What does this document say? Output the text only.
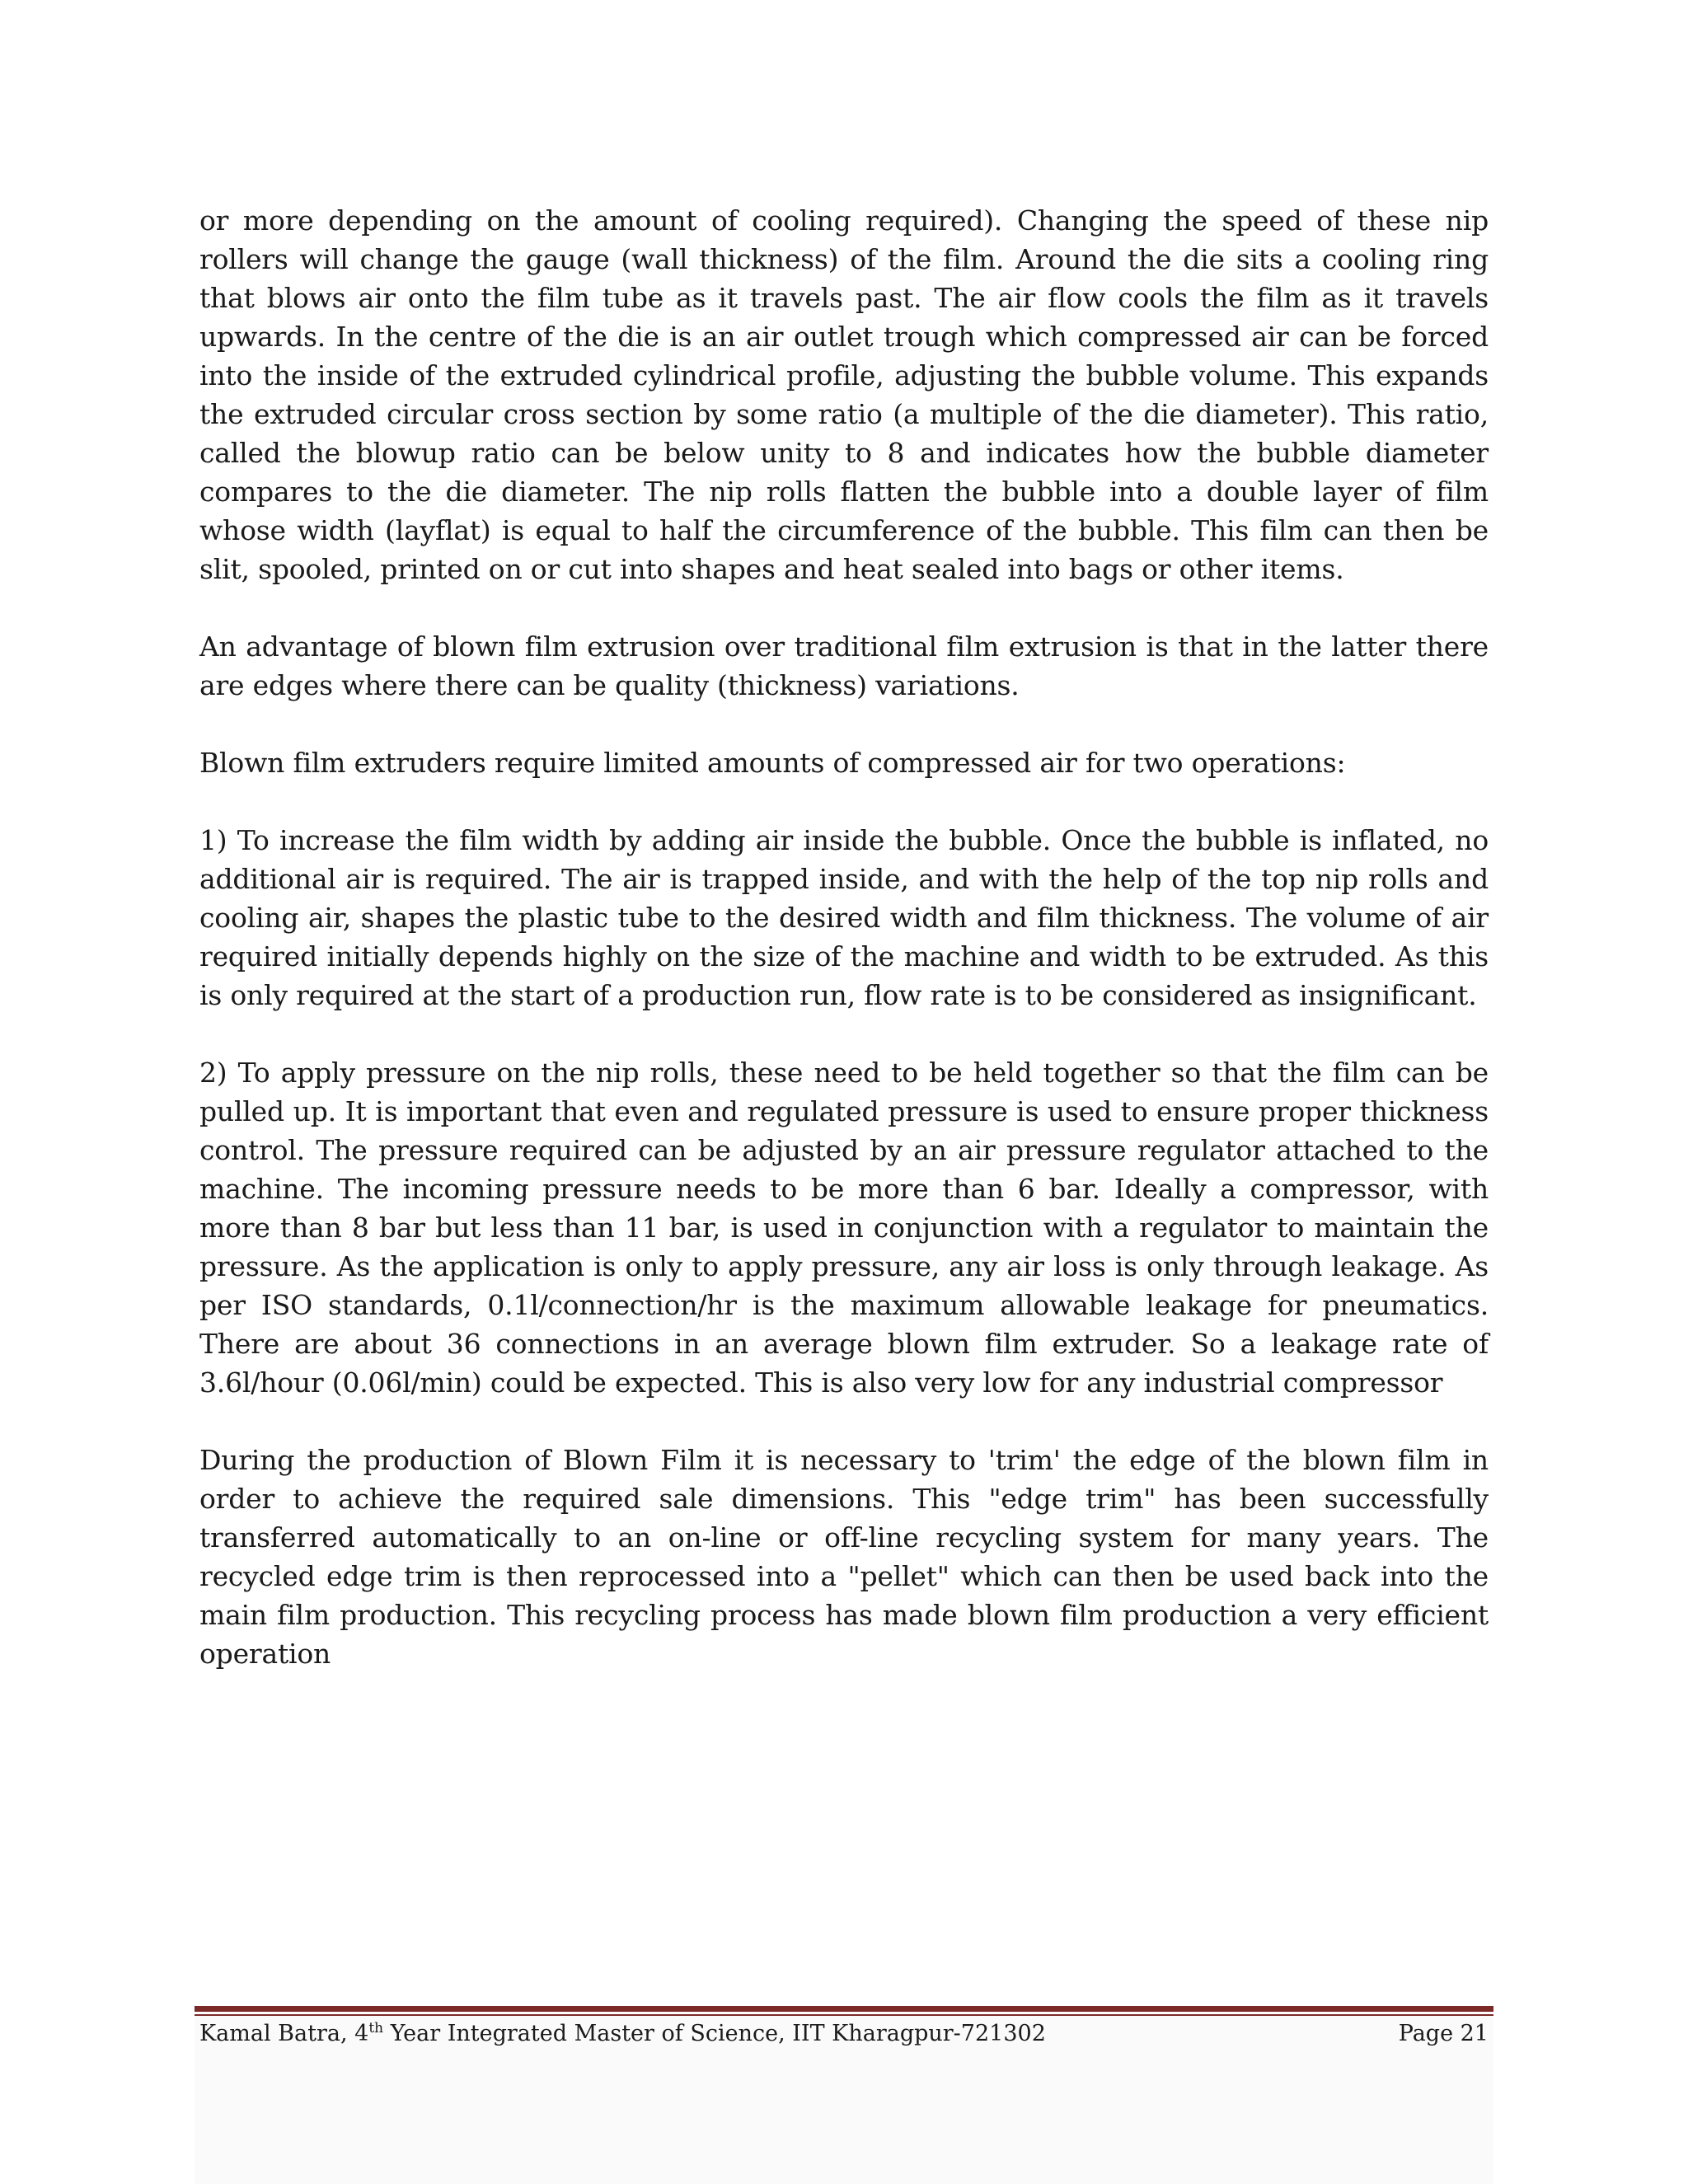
or more depending on the amount of cooling required). Changing the speed of these nip rollers will change the gauge (wall thickness) of the film. Around the die sits a cooling ring that blows air onto the film tube as it travels past. The air flow cools the film as it travels upwards. In the centre of the die is an air outlet trough which compressed air can be forced into the inside of the extruded cylindrical profile, adjusting the bubble volume. This expands the extruded circular cross section by some ratio (a multiple of the die diameter). This ratio, called the blowup ratio can be below unity to 8 and indicates how the bubble diameter compares to the die diameter. The nip rolls flatten the bubble into a double layer of film whose width (layflat) is equal to half the circumference of the bubble. This film can then be slit, spooled, printed on or cut into shapes and heat sealed into bags or other items.

An advantage of blown film extrusion over traditional film extrusion is that in the latter there are edges where there can be quality (thickness) variations.

Blown film extruders require limited amounts of compressed air for two operations:

1) To increase the film width by adding air inside the bubble. Once the bubble is inflated, no additional air is required. The air is trapped inside, and with the help of the top nip rolls and cooling air, shapes the plastic tube to the desired width and film thickness. The volume of air required initially depends highly on the size of the machine and width to be extruded. As this is only required at the start of a production run, flow rate is to be considered as insignificant.

2) To apply pressure on the nip rolls, these need to be held together so that the film can be pulled up. It is important that even and regulated pressure is used to ensure proper thickness control. The pressure required can be adjusted by an air pressure regulator attached to the machine. The incoming pressure needs to be more than 6 bar. Ideally a compressor, with more than 8 bar but less than 11 bar, is used in conjunction with a regulator to maintain the pressure. As the application is only to apply pressure, any air loss is only through leakage. As per ISO standards, 0.1l/connection/hr is the maximum allowable leakage for pneumatics. There are about 36 connections in an average blown film extruder. So a leakage rate of 3.6l/hour (0.06l/min) could be expected. This is also very low for any industrial compressor

During the production of Blown Film it is necessary to 'trim' the edge of the blown film in order to achieve the required sale dimensions. This "edge trim" has been successfully transferred automatically to an on-line or off-line recycling system for many years. The recycled edge trim is then reprocessed into a "pellet" which can then be used back into the main film production. This recycling process has made blown film production a very efficient operation

Kamal Batra, 4th Year Integrated Master of Science, IIT Kharagpur-721302	Page 21
